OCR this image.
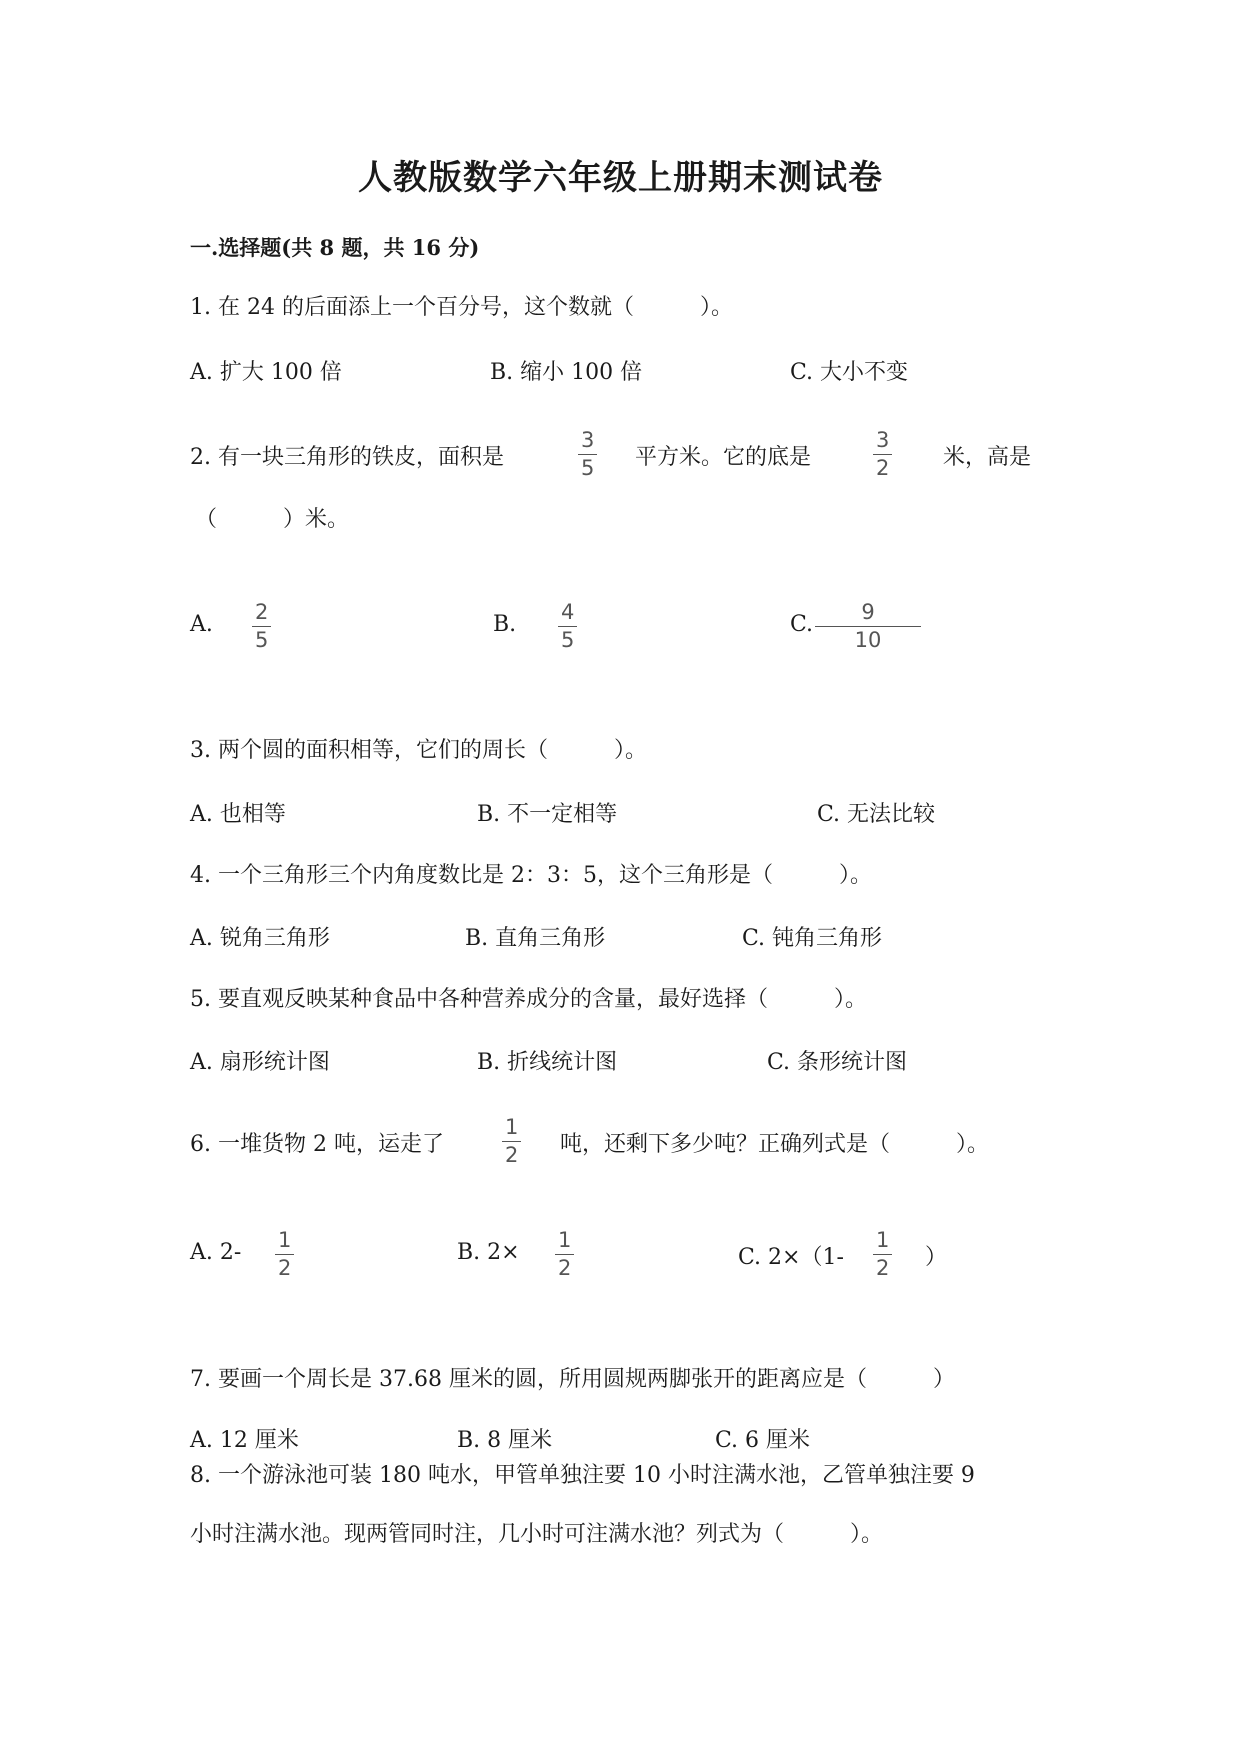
人教版数学六年级上册期末测试卷
一.选择题(共 8 题，共 16 分)
1. 在 24 的后面添上一个百分号，这个数就（　　　）。
A. 扩大 100 倍	B. 缩小 100 倍	C. 大小不变
2. 有一块三角形的铁皮，面积是	$\frac{3}{5}$ 平方米。它的底是	$\frac{3}{2}$ 米，高是
（　　　）米。
A. $\frac{2}{5}$	B. $\frac{4}{5}$	C. $\frac{9}{10}$
3. 两个圆的面积相等，它们的周长（　　　）。
A. 也相等	B. 不一定相等	C. 无法比较
4. 一个三角形三个内角度数比是 2：3：5，这个三角形是（　　　）。
A. 锐角三角形	B. 直角三角形	C. 钝角三角形
5. 要直观反映某种食品中各种营养成分的含量，最好选择（　　　）。
A. 扇形统计图	B. 折线统计图	C. 条形统计图
6. 一堆货物 2 吨，运走了	$\frac{1}{2}$ 吨，还剩下多少吨？正确列式是（　　　）。
A. $2- \frac{1}{2}$	B. $2\times \frac{1}{2}$	C. $2\times(1- \frac{1}{2}$ ）
7. 要画一个周长是 37.68 厘米的圆，所用圆规两脚张开的距离应是（　　　）
A. 12 厘米	B. 8 厘米	C. 6 厘米
8. 一个游泳池可装 180 吨水，甲管单独注要 10 小时注满水池，乙管单独注要 9
小时注满水池。现两管同时注，几小时可注满水池？列式为（　　　）。
